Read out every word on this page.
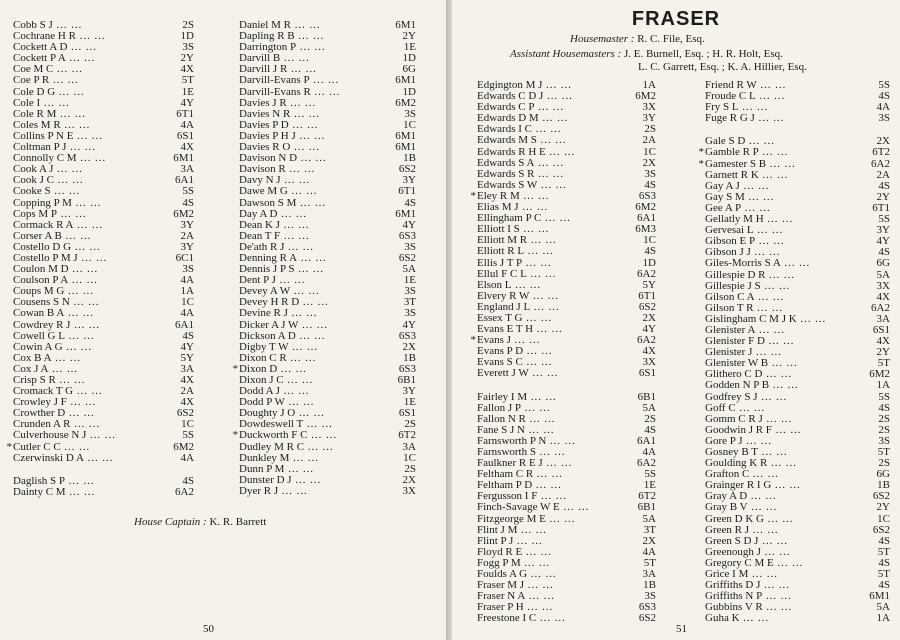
Cobb S J … …	2S
Cochrane H R … …	1D
Cockett A D … …	3S
Cockett P A … …	2Y
Coe M C … …	4X
Coe P R … …	5T
Cole D G … …	1E
Cole I … …	4Y
Cole R M … …	6T1
Coles M R … …	4A
Collins P N E … …	6S1
Coltman P J … …	4X
Connolly C M … …	6M1
Cook A J … …	3A
Cook J C … …	6A1
Cooke S … …	5S
Copping P M … …	4S
Cops M P … …	6M2
Cormack R A … …	3Y
Corser A B … …	2A
Costello D G … …	3Y
Costello P M J … …	6C1
Coulon M D … …	3S
Coulson P A … …	4A
Coups M G … …	1A
Cousens S N … …	1C
Cowan B A … …	4A
Cowdrey R J … …	6A1
Cowell G L … …	4S
Cowin A G … …	4Y
Cox B A … …	5Y
Cox J A … …	3A
Crisp S R … …	4X
Cromack T G … …	2A
Crowley J F … …	4X
Crowther D … …	6S2
Crunden A R … …	1C
Culverhouse N J … …	5S
* Cutler C C … …	6M2
Czerwinski D A … …	4A
Daglish S P … …	4S
Dainty C M … …	6A2
Daniel M R … …	6M1
Dapling R B … …	2Y
Darrington P … …	1E
Darvill B … …	1D
Darvill J R … …	6G
Darvill-Evans P … …	6M1
Darvill-Evans R … …	1D
Davies J R … …	6M2
Davies N R … …	3S
Davies P D … …	1C
Davies P H J … …	6M1
Davies R O … …	6M1
Davison N D … …	1B
Davison R … …	6S2
Davy N J … …	3Y
Dawe M G … …	6T1
Dawson S M … …	4S
Day A D … …	6M1
Dean K J … …	4Y
Dean T F … …	6S3
De'ath R J … …	3S
Denning R A … …	6S2
Dennis J P S … …	5A
Dent P J … …	1E
Devey A W … …	3S
Devey H R D … …	3T
Devine R J … …	3S
Dicker A J W … …	4Y
Dickson A D … …	6S3
Digby T W … …	2X
Dixon C R … …	1B
* Dixon D … …	6S3
Dixon J C … …	6B1
Dodd A J … …	3Y
Dodd P W … …	1E
Doughty J O … …	6S1
Dowdeswell T … …	2S
* Duckworth F C … …	6T2
Dudley M R C … …	3A
Dunkley M … …	1C
Dunn P M … …	2S
Dunster D J … …	2X
Dyer R J … …	3X
House Captain : K. R. Barrett
50
FRASER
Housemaster : R. C. File, Esq.
Assistant Housemasters : J. E. Burnell, Esq. ; H. R. Holt, Esq.
L. C. Garrett, Esq. ; K. A. Hillier, Esq.
Edgington M J … …	1A
Edwards C D J … …	6M2
Edwards C P … …	3X
Edwards D M … …	3Y
Edwards I C … …	2S
Edwards M S … …	2A
Edwards R H E … …	1C
Edwards S A … …	2X
Edwards S R … …	3S
Edwards S W … …	4S
* Eley R M … …	6S3
Elias M J … …	6M2
Ellingham P C … …	6A1
Elliott I S … …	6M3
Elliott M R … …	1C
Elliott R L … …	4S
Ellis J T P … …	1D
Ellul F C L … …	6A2
Elson L … …	5Y
Elvery R W … …	6T1
England J L … …	6S2
Essex T G … …	2X
Evans E T H … …	4Y
* Evans J … …	6A2
Evans P D … …	4X
Evans S C … …	3X
Everett J W … …	6S1
Fairley I M … …	6B1
Fallon J P … …	5A
Fallon N R … …	2S
Fane S J N … …	4S
Farnsworth P N … …	6A1
Farnsworth S … …	4A
Faulkner R E J … …	6A2
Feltham C R … …	5S
Feltham P D … …	1E
Fergusson I F … …	6T2
Finch-Savage W E … …	6B1
Fitzgeorge M E … …	5A
Flint J M … …	3T
Flint P J … …	2X
Floyd R E … …	4A
Fogg P M … …	5T
Foulds A G … …	3A
Fraser M J … …	1B
Fraser N A … …	3S
Fraser P H … …	6S3
Freestone I C … …	6S2
Friend R W … …	5S
Froude C L … …	4S
Fry S L … …	4A
Fuge R G J … …	3S
Gale S D … …	2X
* Gamble R P … …	6T2
* Gamester S B … …	6A2
Garnett R K … …	2A
Gay A J … …	4S
Gay S M … …	2Y
Gee A P … …	6T1
Gellatly M H … …	5S
Gervesai L … …	3Y
Gibson E P … …	4Y
Gibson J J … …	4S
Giles-Morris S A … …	6G
Gillespie D R … …	5A
Gillespie J S … …	3X
Gilson C A … …	4X
Gilson T R … …	6A2
Gislingham C M J K … …	3A
Glenister A … …	6S1
Glenister F D … …	4X
Glenister J … …	2Y
Glenister W B … …	5T
Glithero C D … …	6M2
Godden N P B … …	1A
Godfrey S J … …	5S
Goff C … …	4S
Gomm C R J … …	2S
Goodwin J R F … …	2S
Gore P J … …	3S
Gosney B T … …	5T
Goulding K R … …	2S
Grafton C … …	6G
Grainger R I G … …	1B
Gray A D … …	6S2
Gray B V … …	2Y
Green D K G … …	1C
Green R J … …	6S2
Green S D J … …	4S
Greenough J … …	5T
Gregory C M E … …	4S
Grice I M … …	5T
Griffiths D J … …	4S
Griffiths N P … …	6M1
Gubbins V R … …	5A
Guha K … …	1A
51
